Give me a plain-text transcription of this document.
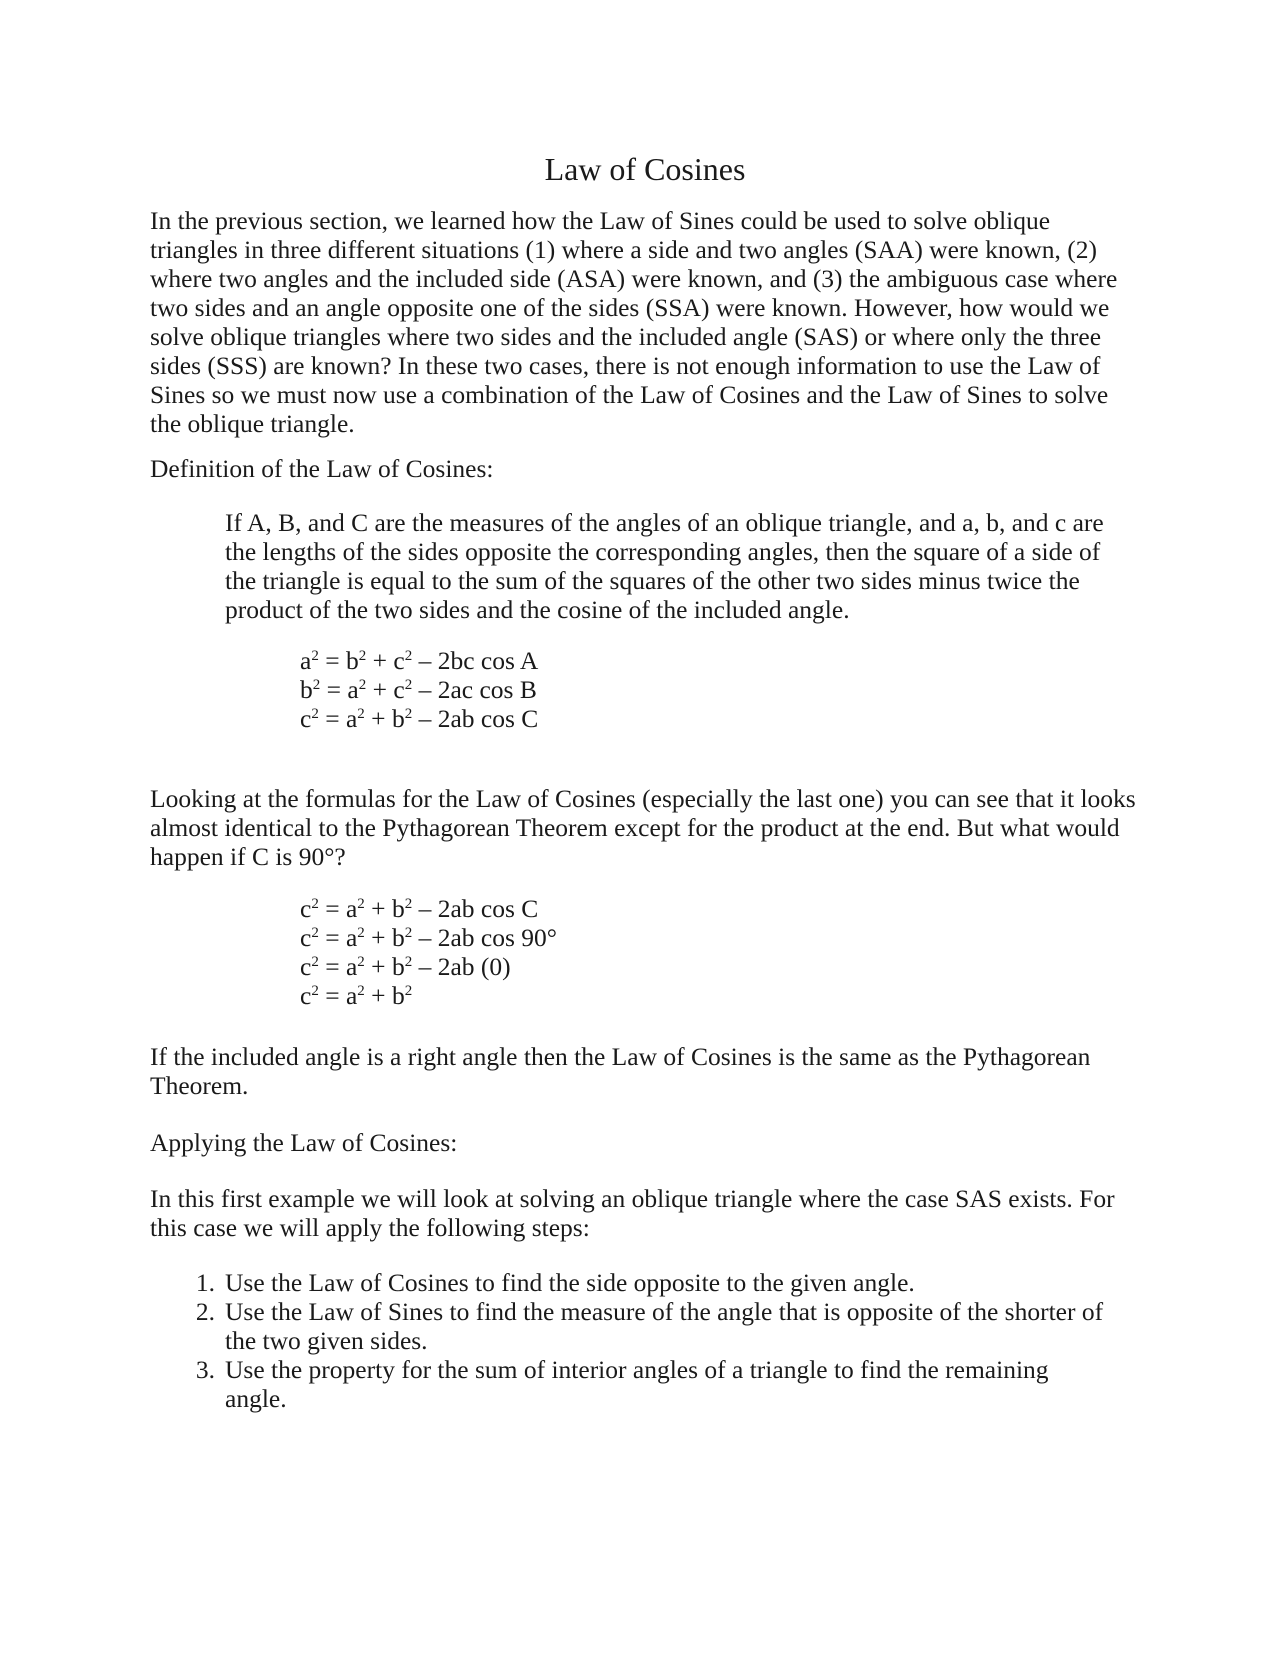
Law of Cosines

In the previous section, we learned how the Law of Sines could be used to solve oblique triangles in three different situations (1) where a side and two angles (SAA) were known, (2) where two angles and the included side (ASA) were known, and (3) the ambiguous case where two sides and an angle opposite one of the sides (SSA) were known. However, how would we solve oblique triangles where two sides and the included angle (SAS) or where only the three sides (SSS) are known? In these two cases, there is not enough information to use the Law of Sines so we must now use a combination of the Law of Cosines and the Law of Sines to solve the oblique triangle.

Definition of the Law of Cosines:

If A, B, and C are the measures of the angles of an oblique triangle, and a, b, and c are the lengths of the sides opposite the corresponding angles, then the square of a side of the triangle is equal to the sum of the squares of the other two sides minus twice the product of the two sides and the cosine of the included angle.

$a^2 = b^2 + c^2 - 2bc$ cos A
$b^2 = a^2 + c^2 - 2ac$ cos B
$c^2 = a^2 + b^2 - 2ab$ cos C

Looking at the formulas for the Law of Cosines (especially the last one) you can see that it looks almost identical to the Pythagorean Theorem except for the product at the end. But what would happen if C is 90°?

$c^2 = a^2 + b^2 - 2ab$ cos C
$c^2 = a^2 + b^2 - 2ab$ cos 90°
$c^2 = a^2 + b^2 - 2ab$ (0)
$c^2 = a^2 + b^2$

If the included angle is a right angle then the Law of Cosines is the same as the Pythagorean Theorem.

Applying the Law of Cosines:

In this first example we will look at solving an oblique triangle where the case SAS exists. For this case we will apply the following steps:

1. Use the Law of Cosines to find the side opposite to the given angle.
2. Use the Law of Sines to find the measure of the angle that is opposite of the shorter of the two given sides.
3. Use the property for the sum of interior angles of a triangle to find the remaining angle.
